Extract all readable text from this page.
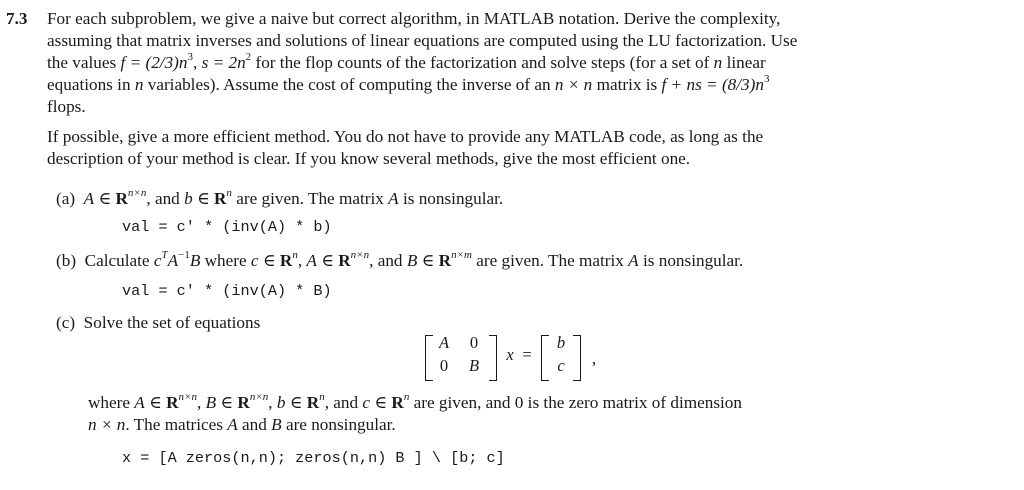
7.3 For each subproblem, we give a naive but correct algorithm, in MATLAB notation. Derive the complexity,
assuming that matrix inverses and solutions of linear equations are computed using the LU factorization. Use
the values $f = (2/3)n^3$, $s = 2n^2$ for the flop counts of the factorization and solve steps (for a set of n linear
equations in n variables). Assume the cost of computing the inverse of an n × n matrix is f + ns = $(8/3)n^3$
flops.
If possible, give a more efficient method. You do not have to provide any MATLAB code, as long as the
description of your method is clear. If you know several methods, give the most efficient one.
(a) A ∈ $R^{n\times n}$, and b ∈ $R^n$ are given. The matrix A is nonsingular.
val = c' * (inv(A) * b)
(b) Calculate $c^TA^{-1}B$ where c ∈ $R^n$, A ∈ $R^{n\times n}$, and B ∈ $R^{n\times m}$ are given. The matrix A is nonsingular.
val = c' * (inv(A) * B)
(c) Solve the set of equations
A 0
0 B
x =
b
c ,
where A ∈ $R^{n\times n}$, B ∈ $R^{n\times n}$, b ∈ $R^n$, and c ∈ $R^n$ are given, and 0 is the zero matrix of dimension
n × n. The matrices A and B are nonsingular.
x = [A zeros(n,n); zeros(n,n) B ] \ [b; c]
